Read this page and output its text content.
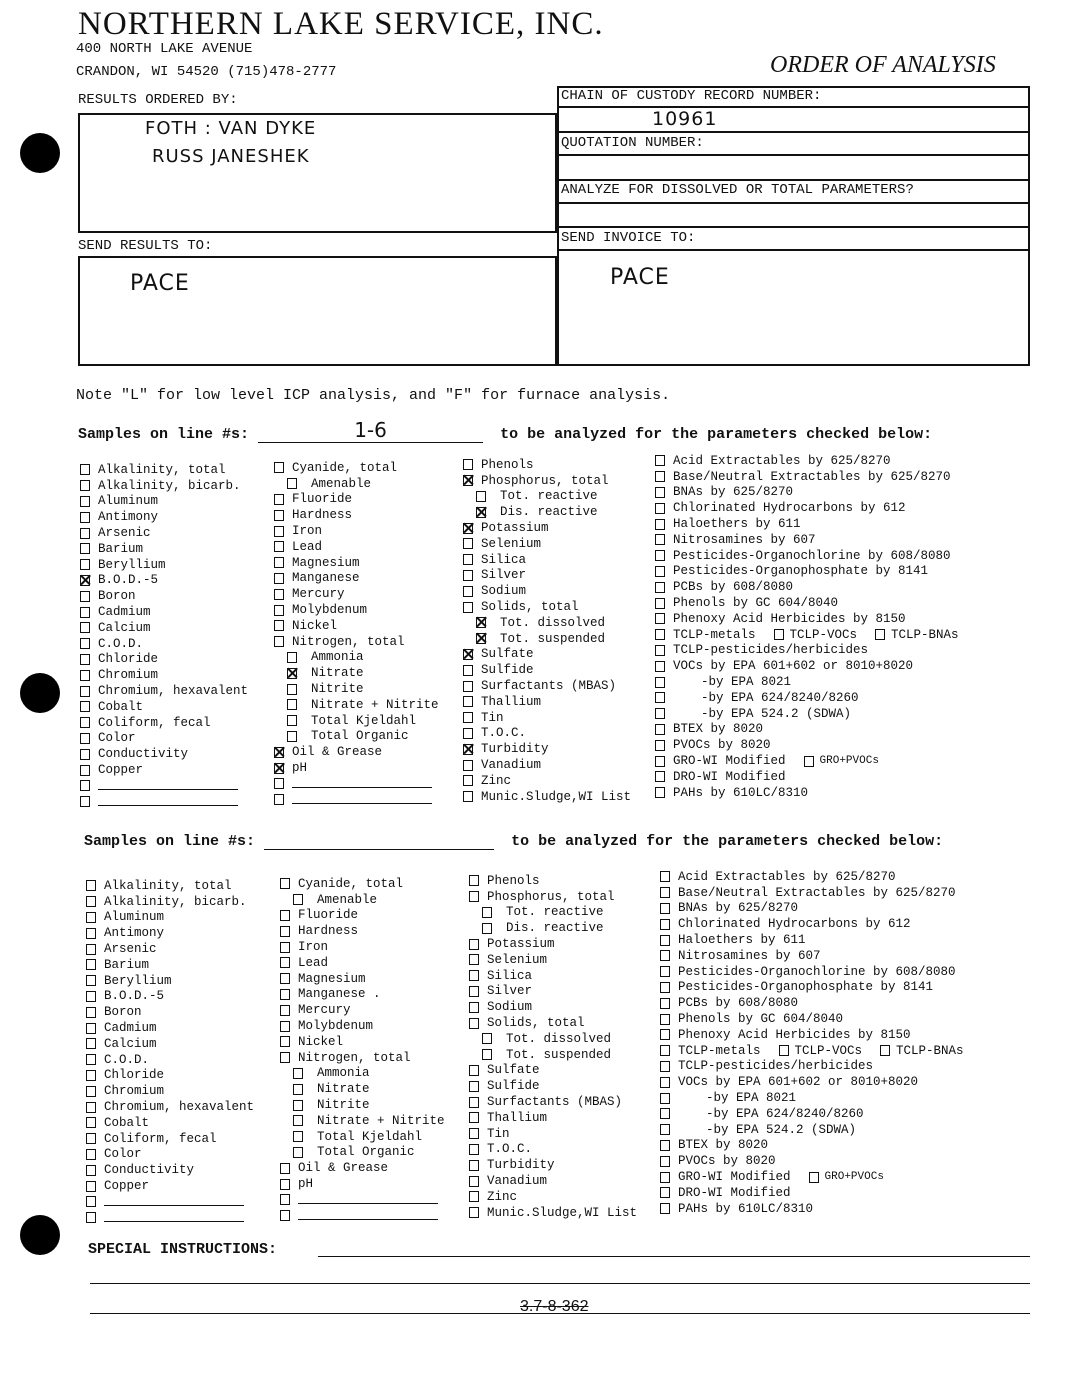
NORTHERN LAKE SERVICE, INC.
400 NORTH LAKE AVENUE
CRANDON, WI 54520 (715)478-2777	ORDER OF ANALYSIS
RESULTS ORDERED BY:
FOTH : VAN DYKE
RUSS JANESHEK
CHAIN OF CUSTODY RECORD NUMBER:
10961
QUOTATION NUMBER:
ANALYZE FOR DISSOLVED OR TOTAL PARAMETERS?
SEND INVOICE TO:
PACE
SEND RESULTS TO:
PACE
Note "L" for low level ICP analysis, and "F" for furnace analysis.
Samples on line #s:	1-6	to be analyzed for the parameters checked below:
Alkalinity, total
Alkalinity, bicarb.
Aluminum
Antimony
Arsenic
Barium
Beryllium
B.O.D.-5
Boron
Cadmium
Calcium
C.O.D.
Chloride
Chromium
Chromium, hexavalent
Cobalt
Coliform, fecal
Color
Conductivity
Copper
Cyanide, total
Amenable
Fluoride
Hardness
Iron
Lead
Magnesium
Manganese
Mercury
Molybdenum
Nickel
Nitrogen, total
Ammonia
Nitrate
Nitrite
Nitrate + Nitrite
Total Kjeldahl
Total Organic
Oil & Grease
pH
Phenols
Phosphorus, total
Tot. reactive
Dis. reactive
Potassium
Selenium
Silica
Silver
Sodium
Solids, total
Tot. dissolved
Tot. suspended
Sulfate
Sulfide
Surfactants (MBAS)
Thallium
Tin
T.O.C.
Turbidity
Vanadium
Zinc
Munic.Sludge,WI List
Acid Extractables by 625/8270
Base/Neutral Extractables by 625/8270
BNAs by 625/8270
Chlorinated Hydrocarbons by 612
Haloethers by 611
Nitrosamines by 607
Pesticides-Organochlorine by 608/8080
Pesticides-Organophosphate by 8141
PCBs by 608/8080
Phenols by GC 604/8040
Phenoxy Acid Herbicides by 8150
TCLP-metals	TCLP-VOCs	TCLP-BNAs
TCLP-pesticides/herbicides
VOCs by EPA 601+602 or 8010+8020
-by EPA 8021
-by EPA 624/8240/8260
-by EPA 524.2 (SDWA)
BTEX by 8020
PVOCs by 8020
GRO-WI Modified	GRO+PVOCs
DRO-WI Modified
PAHs by 610LC/8310
Samples on line #s:	to be analyzed for the parameters checked below:
Alkalinity, total
Alkalinity, bicarb.
Aluminum
Antimony
Arsenic
Barium
Beryllium
B.O.D.-5
Boron
Cadmium
Calcium
C.O.D.
Chloride
Chromium
Chromium, hexavalent
Cobalt
Coliform, fecal
Color
Conductivity
Copper
Cyanide, total
Amenable
Fluoride
Hardness
Iron
Lead
Magnesium
Manganese .
Mercury
Molybdenum
Nickel
Nitrogen, total
Ammonia
Nitrate
Nitrite
Nitrate + Nitrite
Total Kjeldahl
Total Organic
Oil & Grease
pH
Phenols
Phosphorus, total
Tot. reactive
Dis. reactive
Potassium
Selenium
Silica
Silver
Sodium
Solids, total
Tot. dissolved
Tot. suspended
Sulfate
Sulfide
Surfactants (MBAS)
Thallium
Tin
T.O.C.
Turbidity
Vanadium
Zinc
Munic.Sludge,WI List
Acid Extractables by 625/8270
Base/Neutral Extractables by 625/8270
BNAs by 625/8270
Chlorinated Hydrocarbons by 612
Haloethers by 611
Nitrosamines by 607
Pesticides-Organochlorine by 608/8080
Pesticides-Organophosphate by 8141
PCBs by 608/8080
Phenols by GC 604/8040
Phenoxy Acid Herbicides by 8150
TCLP-metals	TCLP-VOCs	TCLP-BNAs
TCLP-pesticides/herbicides
VOCs by EPA 601+602 or 8010+8020
-by EPA 8021
-by EPA 624/8240/8260
-by EPA 524.2 (SDWA)
BTEX by 8020
PVOCs by 8020
GRO-WI Modified	GRO+PVOCs
DRO-WI Modified
PAHs by 610LC/8310
SPECIAL INSTRUCTIONS:
3.7-8-362
